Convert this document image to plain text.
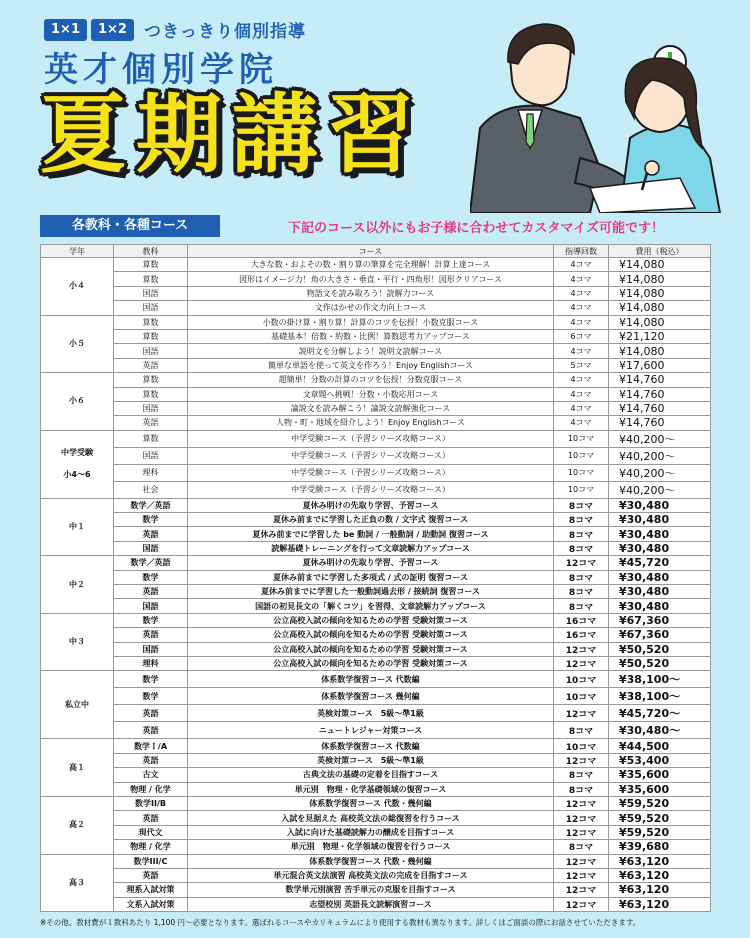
1×1	1×2	つきっきり個別指導
英才個別学院
夏期講習
各教科・各種コース	下記のコース以外にもお子様に合わせてカスタマイズ可能です！
学年	教科	コース	指導回数	費用（税込）
小４	算数	大きな数・およその数・割り算の筆算を完全理解！計算上達コース	4コマ	¥14,080
	算数	図形はイメージ力！角の大きさ・垂直・平行・四角形！図形クリアコース	4コマ	¥14,080
	国語	物語文を読み取ろう！読解力コース	4コマ	¥14,080
	国語	文作はかせの作文力向上コース	4コマ	¥14,080
小５	算数	小数の掛け算・割り算！計算のコツを伝授！小数克服コース	4コマ	¥14,080
	算数	基礎基本！倍数・約数・比例！算数思考力アップコース	6コマ	¥21,120
	国語	説明文を分解しよう！説明文読解コース	4コマ	¥14,080
	英語	簡単な単語を使って英文を作ろう！Enjoy Englishコース	5コマ	¥17,600
小６	算数	超簡単！分数の計算のコツを伝授！分数克服コース	4コマ	¥14,760
	算数	文章題へ挑戦！分数・小数応用コース	4コマ	¥14,760
	国語	論説文を読み解こう！論説文読解強化コース	4コマ	¥14,760
	英語	人物・町・地域を紹介しよう！Enjoy Englishコース	4コマ	¥14,760
中学受験
小4〜6	算数	中学受験コース（予習シリーズ攻略コース）	10コマ	¥40,200〜
	国語	中学受験コース（予習シリーズ攻略コース）	10コマ	¥40,200〜
	理科	中学受験コース（予習シリーズ攻略コース）	10コマ	¥40,200〜
	社会	中学受験コース（予習シリーズ攻略コース）	10コマ	¥40,200〜
中１	数学／英語	夏休み明けの先取り学習、予習コース	8コマ	¥30,480
	数学	夏休み前までに学習した正負の数 / 文字式 復習コース	8コマ	¥30,480
	英語	夏休み前までに学習した be 動詞 / 一般動詞 / 助動詞 復習コース	8コマ	¥30,480
	国語	読解基礎トレーニングを行って文章読解力アップコース	8コマ	¥30,480
中２	数学／英語	夏休み明けの先取り学習、予習コース	12コマ	¥45,720
	数学	夏休み前までに学習した多項式 / 式の証明 復習コース	8コマ	¥30,480
	英語	夏休み前までに学習した一般動詞過去形 / 接続詞 復習コース	8コマ	¥30,480
	国語	国語の初見長文の「解くコツ」を習得、文章読解力アップコース	8コマ	¥30,480
中３	数学	公立高校入試の傾向を知るための学習 受験対策コース	16コマ	¥67,360
	英語	公立高校入試の傾向を知るための学習 受験対策コース	16コマ	¥67,360
	国語	公立高校入試の傾向を知るための学習 受験対策コース	12コマ	¥50,520
	理科	公立高校入試の傾向を知るための学習 受験対策コース	12コマ	¥50,520
私立中	数学	体系数学復習コース 代数編	10コマ	¥38,100〜
	数学	体系数学復習コース 幾何編	10コマ	¥38,100〜
	英語	英検対策コース　5級〜準1級	12コマ	¥45,720〜
	英語	ニュートレジャー対策コース	8コマ	¥30,480〜
高１	数学Ｉ/A	体系数学復習コース 代数編	10コマ	¥44,500
	英語	英検対策コース　5級〜準1級	12コマ	¥53,400
	古文	古典文法の基礎の定着を目指すコース	8コマ	¥35,600
	物理 / 化学	単元別　物理・化学基礎領域の復習コース	8コマ	¥35,600
高２	数学II/B	体系数学復習コース 代数・幾何編	12コマ	¥59,520
	英語	入試を見据えた 高校英文法の総復習を行うコース	12コマ	¥59,520
	現代文	入試に向けた基礎読解力の醸成を目指すコース	12コマ	¥59,520
	物理 / 化学	単元別　物理・化学領域の復習を行うコース	8コマ	¥39,680
高３	数学III/C	体系数学復習コース 代数・幾何編	12コマ	¥63,120
	英語	単元混合英文法演習 高校英文法の完成を目指すコース	12コマ	¥63,120
	理系入試対策	数学単元別演習 苦手単元の克服を目指すコース	12コマ	¥63,120
	文系入試対策	志望校別 英語長文読解演習コース	12コマ	¥63,120
※その他、教材費が１教科あたり 1,100 円〜必要となります。選ばれるコースやカリキュラムにより使用する教材も異なります。詳しくはご面談の際にお話させていただきます。
